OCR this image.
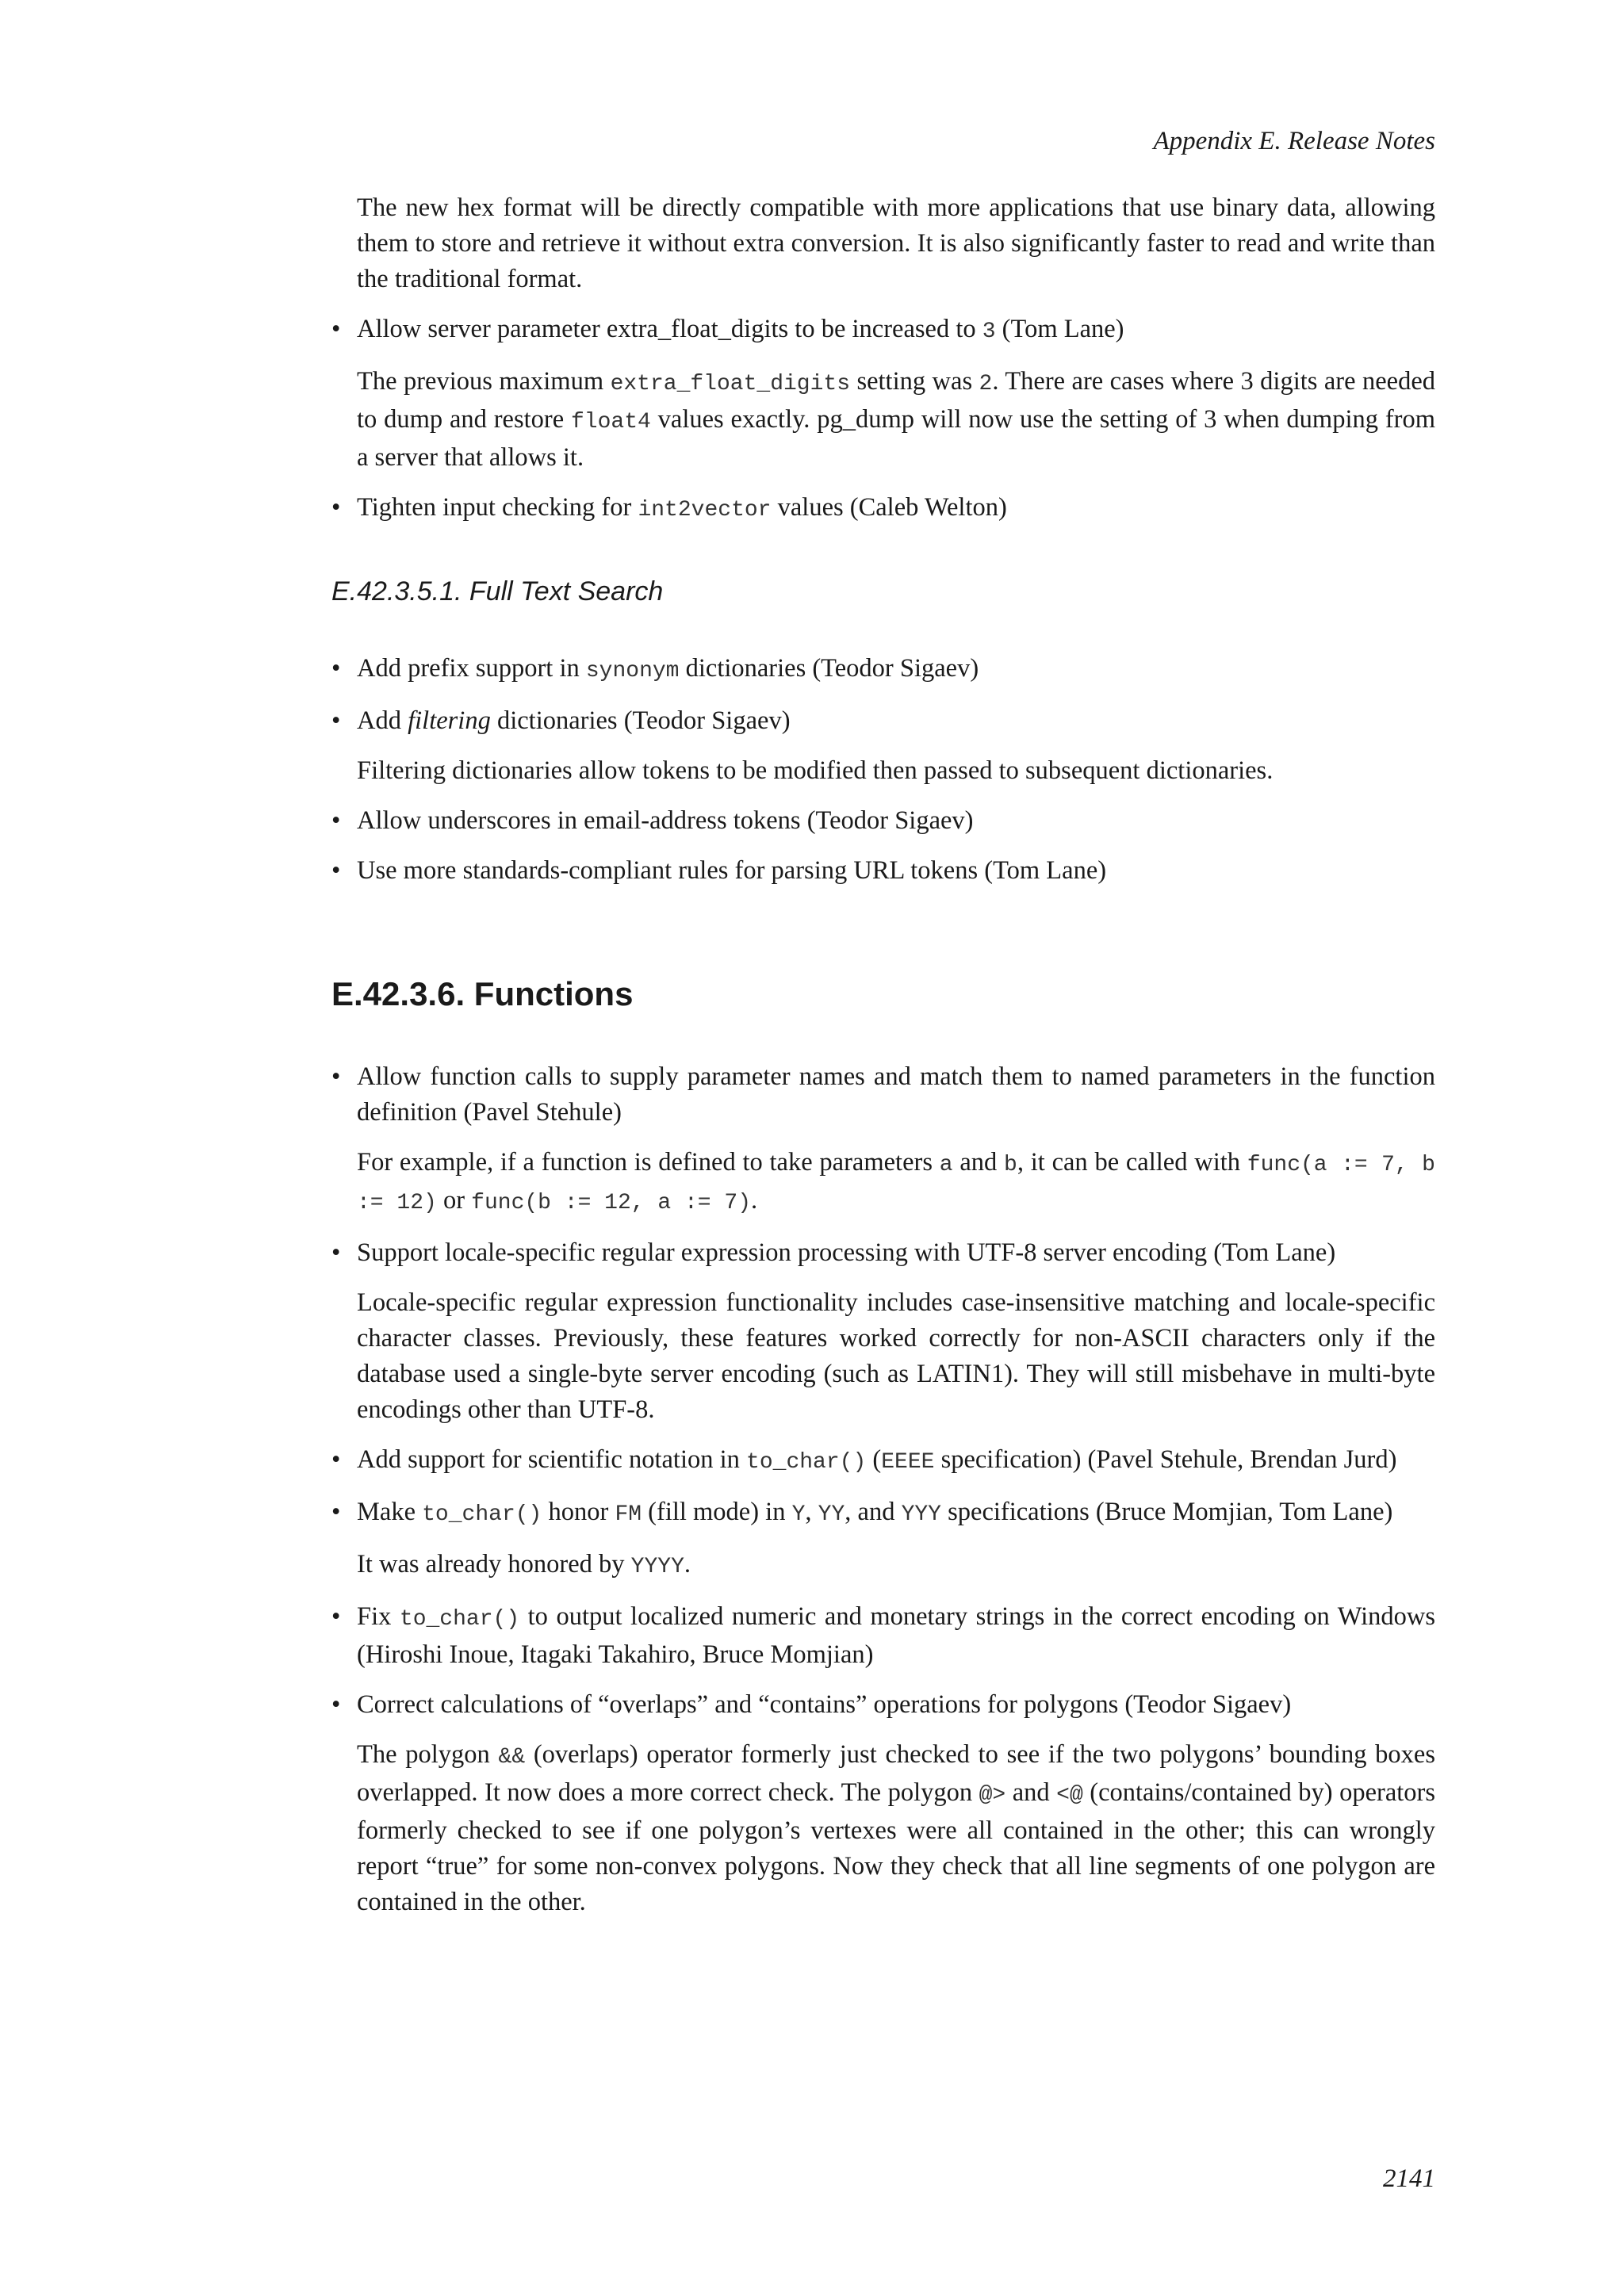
Appendix E. Release Notes

The new hex format will be directly compatible with more applications that use binary data, allowing them to store and retrieve it without extra conversion. It is also significantly faster to read and write than the traditional format.

• Allow server parameter extra_float_digits to be increased to 3 (Tom Lane)

The previous maximum extra_float_digits setting was 2. There are cases where 3 digits are needed to dump and restore float4 values exactly. pg_dump will now use the setting of 3 when dumping from a server that allows it.

• Tighten input checking for int2vector values (Caleb Welton)

E.42.3.5.1. Full Text Search
• Add prefix support in synonym dictionaries (Teodor Sigaev)

• Add filtering dictionaries (Teodor Sigaev)

Filtering dictionaries allow tokens to be modified then passed to subsequent dictionaries.

• Allow underscores in email-address tokens (Teodor Sigaev)

• Use more standards-compliant rules for parsing URL tokens (Tom Lane)

E.42.3.6. Functions
• Allow function calls to supply parameter names and match them to named parameters in the function definition (Pavel Stehule)

For example, if a function is defined to take parameters a and b, it can be called with func(a := 7, b := 12) or func(b := 12, a := 7).

• Support locale-specific regular expression processing with UTF-8 server encoding (Tom Lane)

Locale-specific regular expression functionality includes case-insensitive matching and locale-specific character classes. Previously, these features worked correctly for non-ASCII characters only if the database used a single-byte server encoding (such as LATIN1). They will still misbehave in multi-byte encodings other than UTF-8.

• Add support for scientific notation in to_char() (EEEE specification) (Pavel Stehule, Brendan Jurd)

• Make to_char() honor FM (fill mode) in Y, YY, and YYY specifications (Bruce Momjian, Tom Lane)

It was already honored by YYYY.

• Fix to_char() to output localized numeric and monetary strings in the correct encoding on Windows (Hiroshi Inoue, Itagaki Takahiro, Bruce Momjian)

• Correct calculations of “overlaps” and “contains” operations for polygons (Teodor Sigaev)

The polygon && (overlaps) operator formerly just checked to see if the two polygons’ bounding boxes overlapped. It now does a more correct check. The polygon @> and <@ (contains/contained by) operators formerly checked to see if one polygon’s vertexes were all contained in the other; this can wrongly report “true” for some non-convex polygons. Now they check that all line segments of one polygon are contained in the other.

2141
